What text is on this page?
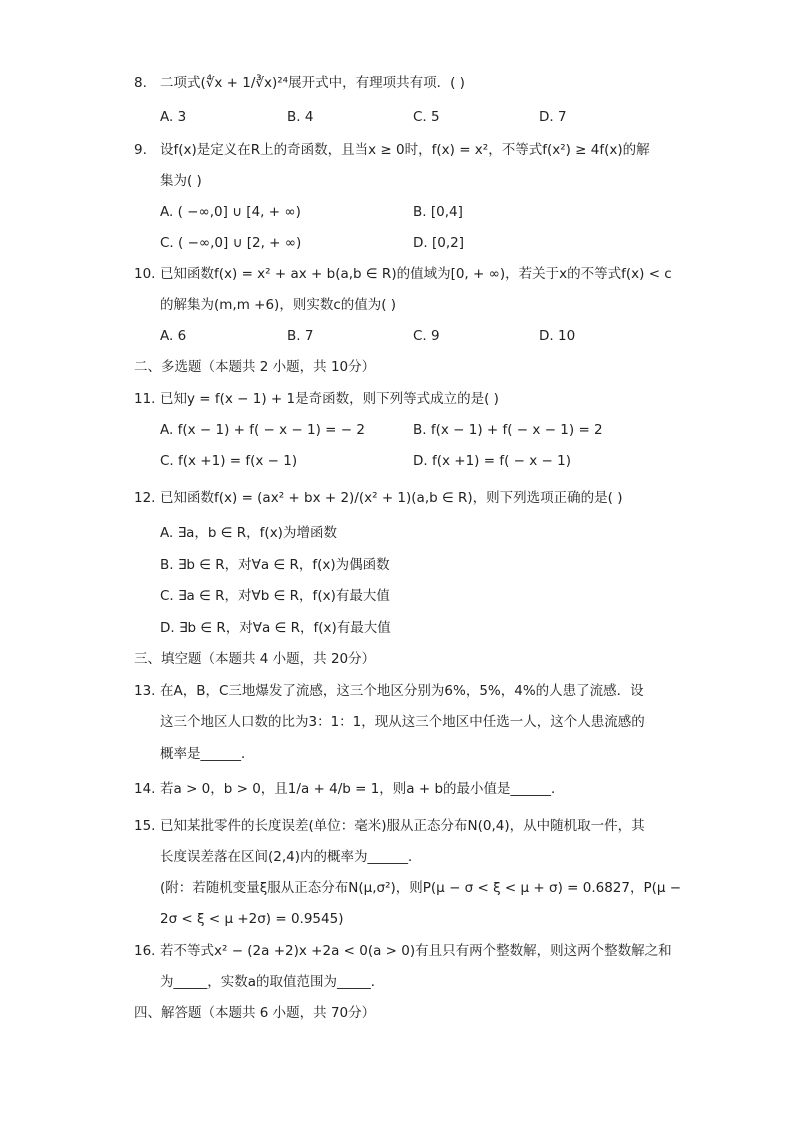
8. 二项式(∜x + 1/∛x)²⁴展开式中，有理项共有项．( )
A. 3	B. 4	C. 5	D. 7
9. 设f(x)是定义在R上的奇函数，且当x ≥ 0时，f(x) = x²，不等式f(x²) ≥ 4f(x)的解
集为( )
A. ( −∞,0] ∪ [4, + ∞)	B. [0,4]
C. ( −∞,0] ∪ [2, + ∞)	D. [0,2]
10. 已知函数f(x) = x² + ax + b(a,b ∈ R)的值域为[0, + ∞)，若关于x的不等式f(x) < c
的解集为(m,m +6)，则实数c的值为( )
A. 6	B. 7	C. 9	D. 10
二、多选题（本题共 2 小题，共 10分）
11. 已知y = f(x − 1) + 1是奇函数，则下列等式成立的是( )
A. f(x − 1) + f( − x − 1) = − 2	B. f(x − 1) + f( − x − 1) = 2
C. f(x +1) = f(x − 1)	D. f(x +1) = f( − x − 1)
12. 已知函数f(x) = (ax² + bx + 2)/(x² + 1)(a,b ∈ R)，则下列选项正确的是( )
A. ∃a，b ∈ R，f(x)为增函数
B. ∃b ∈ R，对∀a ∈ R，f(x)为偶函数
C. ∃a ∈ R，对∀b ∈ R，f(x)有最大值
D. ∃b ∈ R，对∀a ∈ R，f(x)有最大值
三、填空题（本题共 4 小题，共 20分）
13. 在A，B，C三地爆发了流感，这三个地区分别为6%，5%，4%的人患了流感．设
这三个地区人口数的比为3：1：1，现从这三个地区中任选一人，这个人患流感的
概率是______．
14. 若a > 0，b > 0，且1/a + 4/b = 1，则a + b的最小值是______．
15. 已知某批零件的长度误差(单位：毫米)服从正态分布N(0,4)，从中随机取一件，其
长度误差落在区间(2,4)内的概率为______．
(附：若随机变量ξ服从正态分布N(μ,σ²)，则P(μ − σ < ξ < μ + σ) = 0.6827，P(μ −
2σ < ξ < μ +2σ) = 0.9545)
16. 若不等式x² − (2a +2)x +2a < 0(a > 0)有且只有两个整数解，则这两个整数解之和
为_____，实数a的取值范围为_____．
四、解答题（本题共 6 小题，共 70分）
